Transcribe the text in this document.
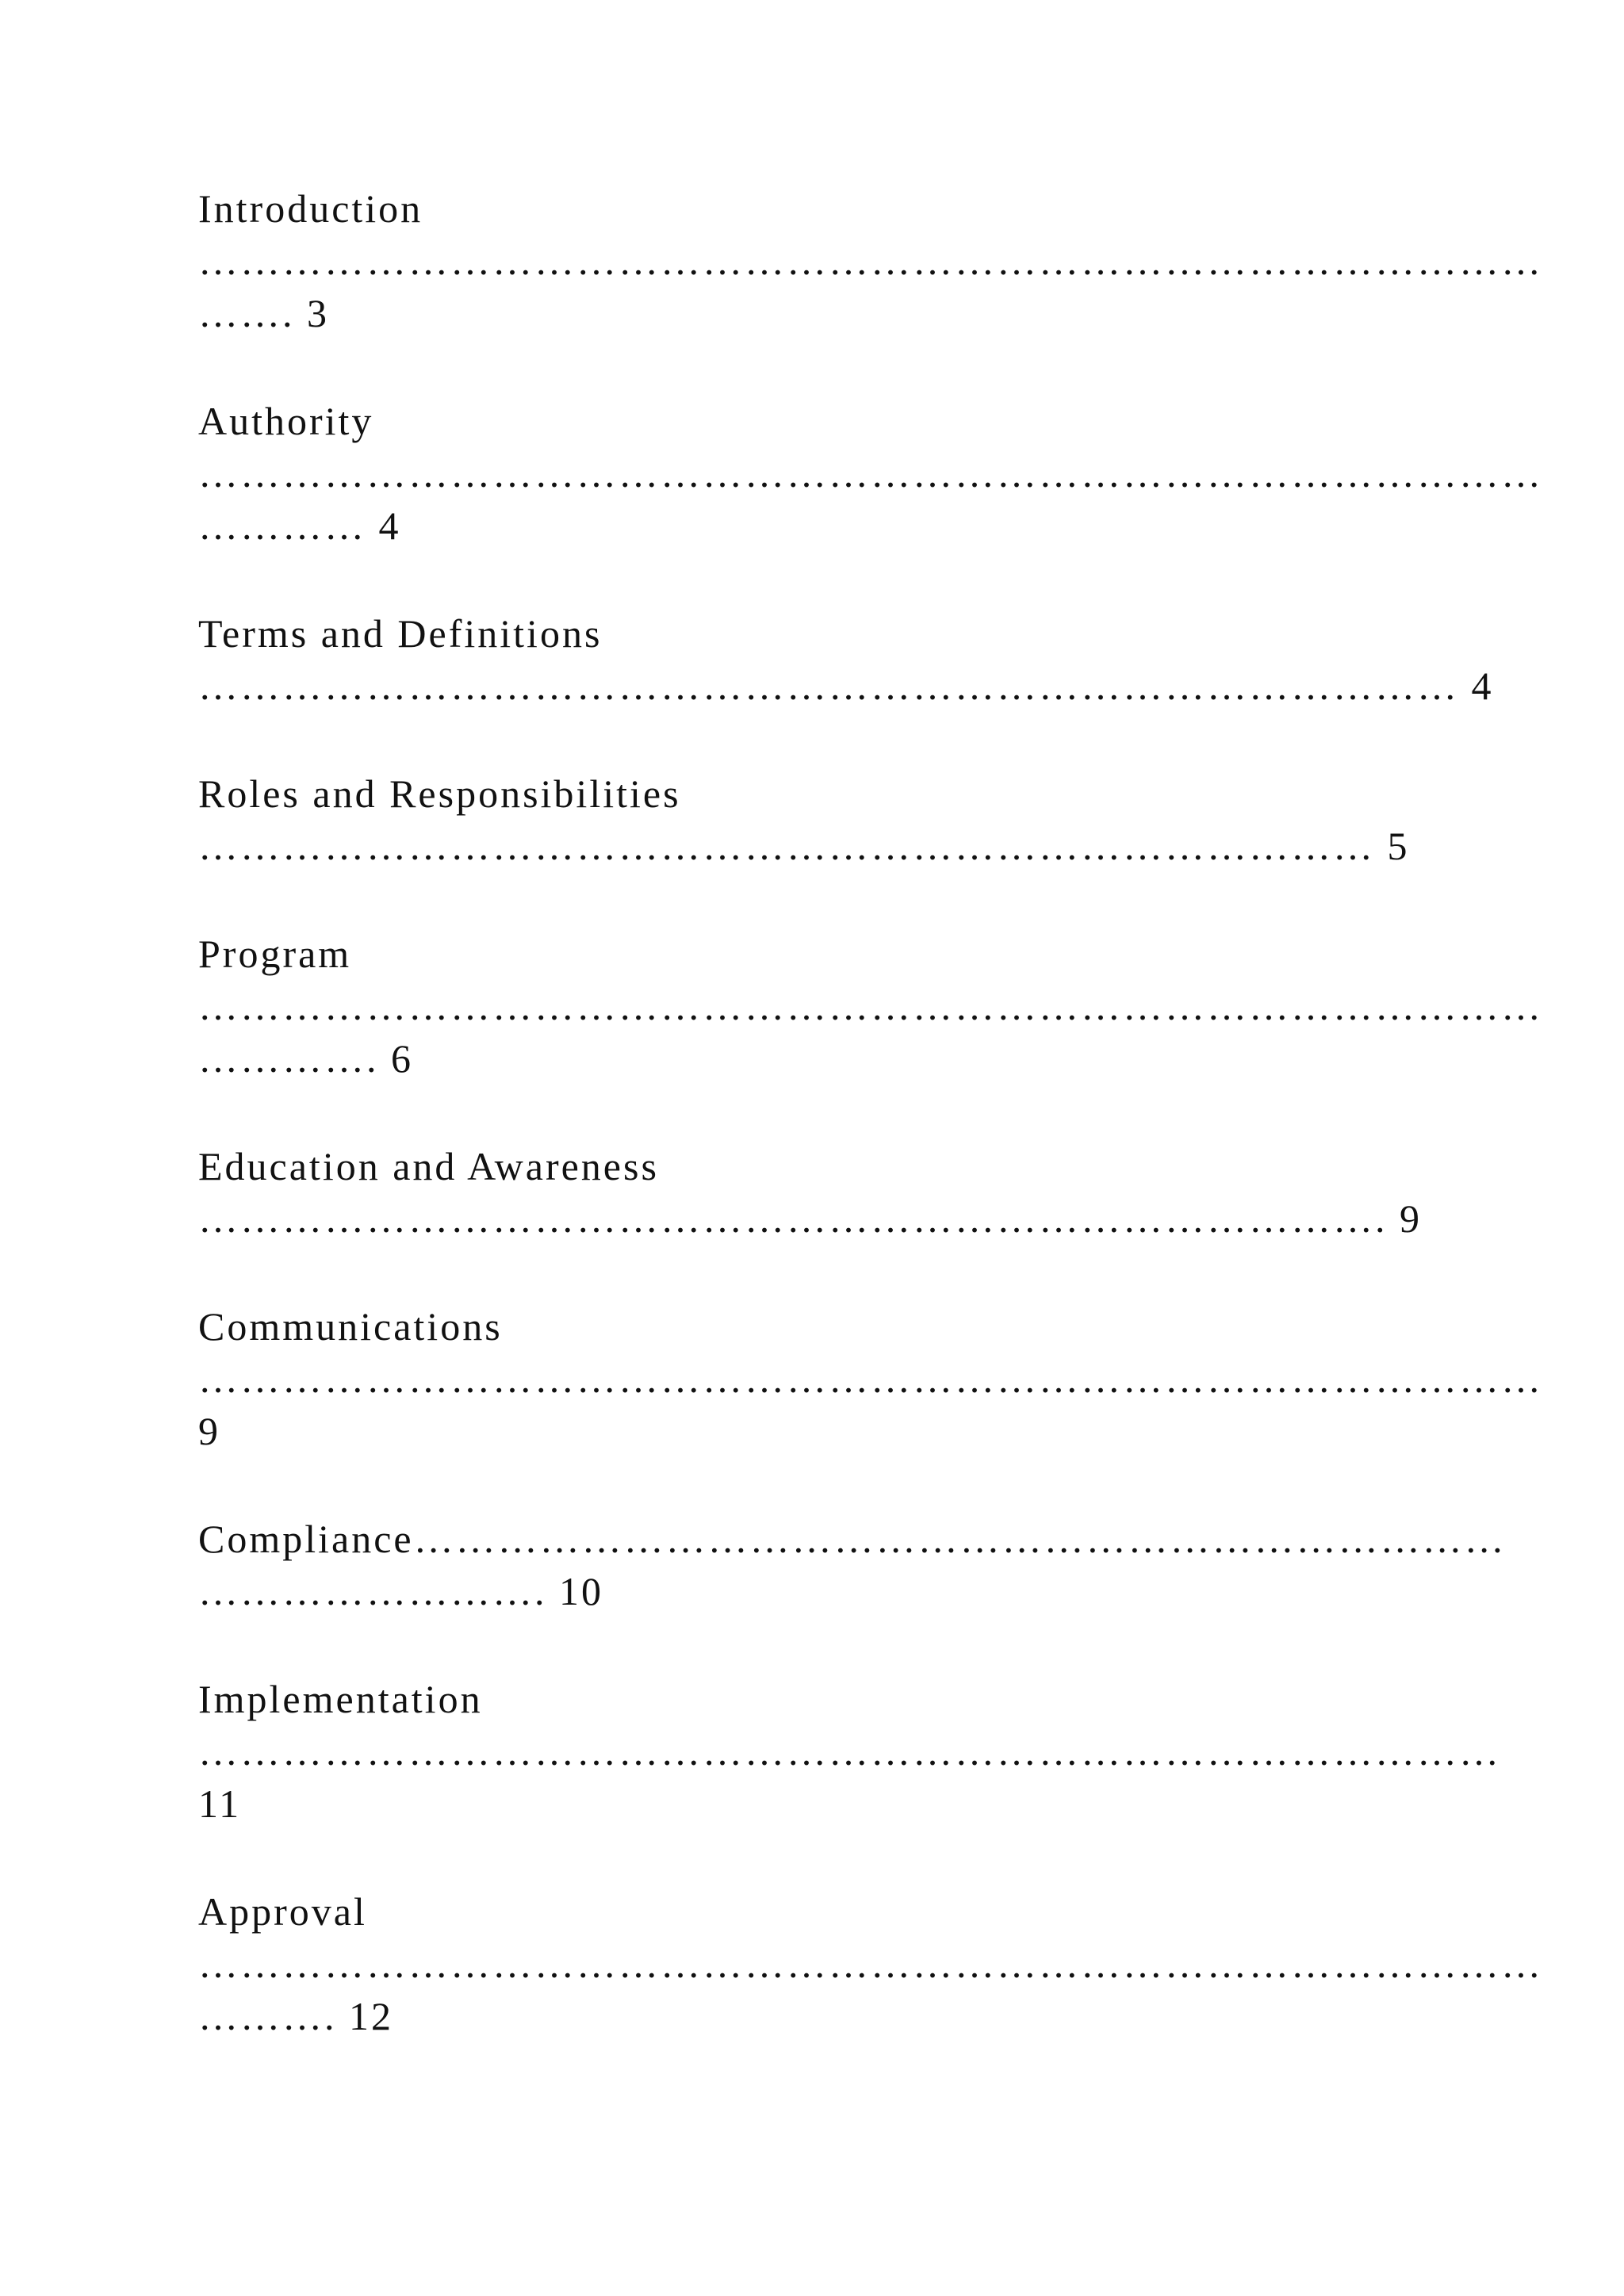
Introduction
……………………………………………………………………………………
……. 3
Authority
……………………………………………………………………………………
………… 4
Terms and Definitions
……………………………………………………………………………… 4
Roles and Responsibilities
………………………………………………………………………… 5
Program
……………………………………………………………………………………
…………. 6
Education and Awareness
…………………………………………………………………………. 9
Communications
……………………………………………………………………………………
9
Compliance……………………………………………………………………
……………………. 10
Implementation
…………………………………………………………………………………
11
Approval
……………………………………………………………………………………
………. 12
